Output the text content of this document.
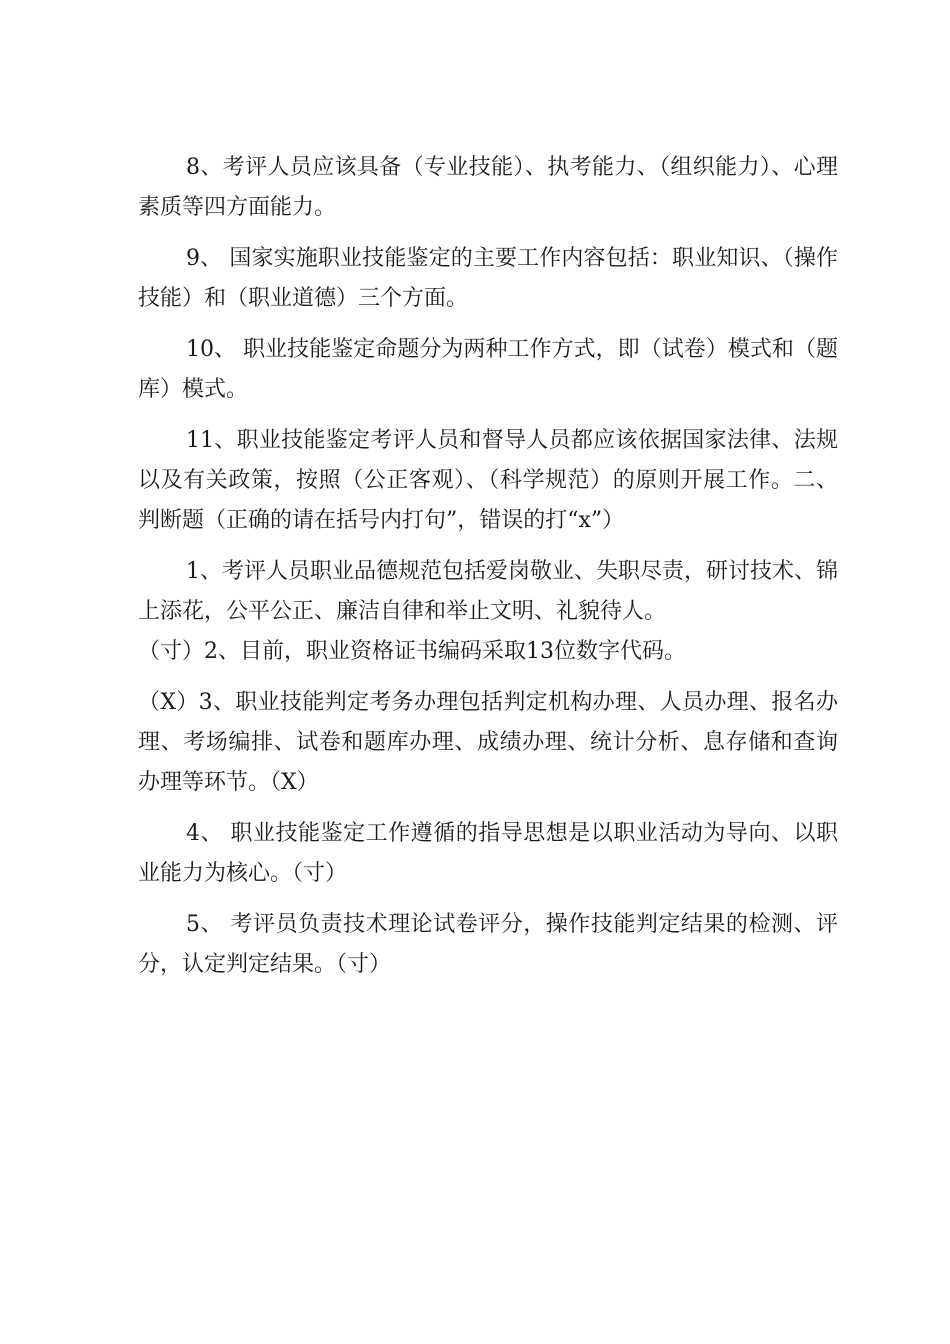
8、考评人员应该具备（专业技能）、执考能力、（组织能力）、心理素质等四方面能力。

9、 国家实施职业技能鉴定的主要工作内容包括：职业知识、（操作技能）和（职业道德）三个方面。

10、 职业技能鉴定命题分为两种工作方式，即（试卷）模式和（题库）模式。

11、职业技能鉴定考评人员和督导人员都应该依据国家法律、法规以及有关政策，按照（公正客观）、（科学规范）的原则开展工作。二、判断题（正确的请在括号内打句”，错误的打“x”）

1、考评人员职业品德规范包括爱岗敬业、失职尽责，研讨技术、锦上添花，公平公正、廉洁自律和举止文明、礼貌待人。

（寸）2、目前，职业资格证书编码采取13位数字代码。

（X）3、职业技能判定考务办理包括判定机构办理、人员办理、报名办理、考场编排、试卷和题库办理、成绩办理、统计分析、息存储和查询办理等环节。（X）

4、 职业技能鉴定工作遵循的指导思想是以职业活动为导向、以职业能力为核心。（寸）

5、 考评员负责技术理论试卷评分，操作技能判定结果的检测、评分，认定判定结果。（寸）
